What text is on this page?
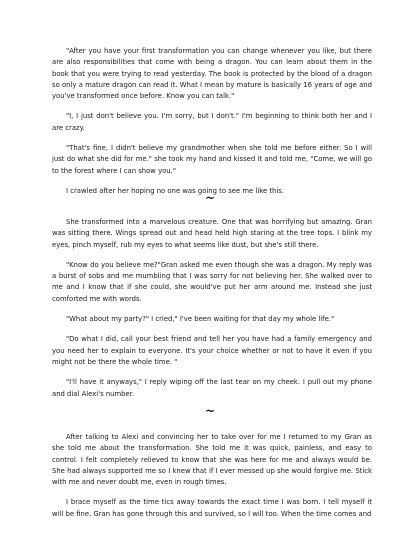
"After you have your first transformation you can change whenever you like, but there are also responsibilities that come with being a dragon. You can learn about them in the book that you were trying to read yesterday. The book is protected by the blood of a dragon so only a mature dragon can read it. What I mean by mature is basically 16 years of age and you've transformed once before. Know you can talk."

"I, I just don't believe you. I'm sorry, but I don't." I'm beginning to think both her and I are crazy.

"That's fine, I didn't believe my grandmother when she told me before either. So I will just do what she did for me." she took my hand and kissed it and told me, "Come, we will go to the forest where I can show you."

I crawled after her hoping no one was going to see me like this.

~

She transformed into a marvelous creature. One that was horrifying but amazing. Gran was sitting there. Wings spread out and head held high staring at the tree tops. I blink my eyes, pinch myself, rub my eyes to what seems like dust, but she's still there.

"Know do you believe me?"Gran asked me even though she was a dragon. My reply was a burst of sobs and me mumbling that I was sorry for not believing her. She walked over to me and I know that if she could, she would've put her arm around me. Instead she just comforted me with words.

"What about my party?" I cried," I've been waiting for that day my whole life."

"Do what I did, call your best friend and tell her you have had a family emergency and you need her to explain to everyone. It's your choice whether or not to have it even if you might not be there the whole time. "

"I'll have it anyways," I reply wiping off the last tear on my cheek. I pull out my phone and dial Alexi's number.

~

After talking to Alexi and convincing her to take over for me I returned to my Gran as she told me about the transformation. She told me it was quick, painless, and easy to control. I felt completely relieved to know that she was here for me and always would be. She had always supported me so I knew that if I ever messed up she would forgive me. Stick with me and never doubt me, even in rough times.

I brace myself as the time tics away towards the exact time I was born. I tell myself it will be fine. Gran has gone through this and survived, so I will too. When the time comes and
